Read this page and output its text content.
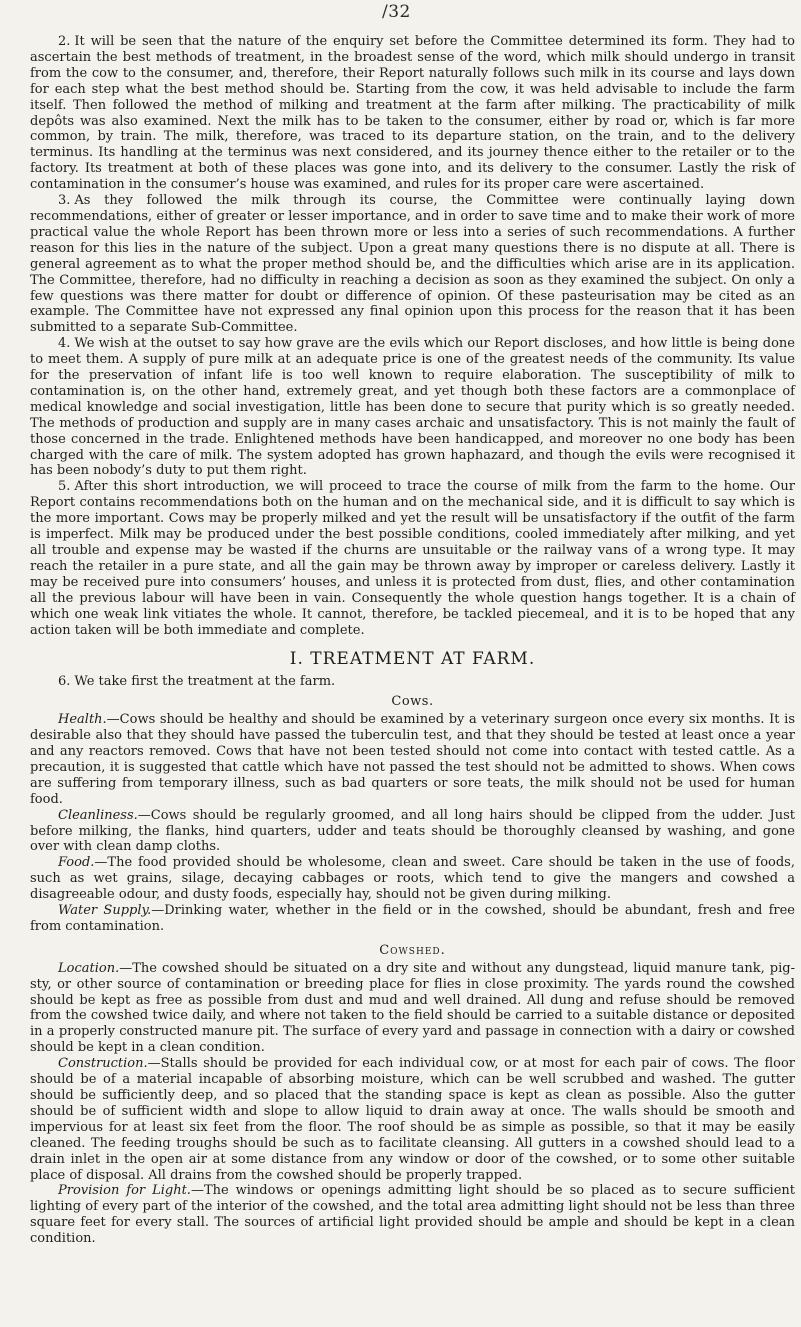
/32

2. It will be seen that the nature of the enquiry set before the Committee determined its form. They had to ascertain the best methods of treatment, in the broadest sense of the word, which milk should undergo in transit from the cow to the consumer, and, therefore, their Report naturally follows such milk in its course and lays down for each step what the best method should be. Starting from the cow, it was held advisable to include the farm itself. Then followed the method of milking and treatment at the farm after milking. The practicability of milk depôts was also examined. Next the milk has to be taken to the consumer, either by road or, which is far more common, by train. The milk, therefore, was traced to its departure station, on the train, and to the delivery terminus. Its handling at the terminus was next considered, and its journey thence either to the retailer or to the factory. Its treatment at both of these places was gone into, and its delivery to the consumer. Lastly the risk of contamination in the consumer’s house was examined, and rules for its proper care were ascertained.

3. As they followed the milk through its course, the Committee were continually laying down recommendations, either of greater or lesser importance, and in order to save time and to make their work of more practical value the whole Report has been thrown more or less into a series of such recommendations. A further reason for this lies in the nature of the subject. Upon a great many questions there is no dispute at all. There is general agreement as to what the proper method should be, and the difficulties which arise are in its application. The Committee, therefore, had no difficulty in reaching a decision as soon as they examined the subject. On only a few questions was there matter for doubt or difference of opinion. Of these pasteurisation may be cited as an example. The Committee have not expressed any final opinion upon this process for the reason that it has been submitted to a separate Sub-Committee.

4. We wish at the outset to say how grave are the evils which our Report discloses, and how little is being done to meet them. A supply of pure milk at an adequate price is one of the greatest needs of the community. Its value for the preservation of infant life is too well known to require elaboration. The susceptibility of milk to contamination is, on the other hand, extremely great, and yet though both these factors are a commonplace of medical knowledge and social investigation, little has been done to secure that purity which is so greatly needed. The methods of production and supply are in many cases archaic and unsatisfactory. This is not mainly the fault of those concerned in the trade. Enlightened methods have been handicapped, and moreover no one body has been charged with the care of milk. The system adopted has grown haphazard, and though the evils were recognised it has been nobody’s duty to put them right.

5. After this short introduction, we will proceed to trace the course of milk from the farm to the home. Our Report contains recommendations both on the human and on the mechanical side, and it is difficult to say which is the more important. Cows may be properly milked and yet the result will be unsatisfactory if the outfit of the farm is imperfect. Milk may be produced under the best possible conditions, cooled immediately after milking, and yet all trouble and expense may be wasted if the churns are unsuitable or the railway vans of a wrong type. It may reach the retailer in a pure state, and all the gain may be thrown away by improper or careless delivery. Lastly it may be received pure into consumers’ houses, and unless it is protected from dust, flies, and other contamination all the previous labour will have been in vain. Consequently the whole question hangs together. It is a chain of which one weak link vitiates the whole. It cannot, therefore, be tackled piecemeal, and it is to be hoped that any action taken will be both immediate and complete.

I. TREATMENT AT FARM.

6. We take first the treatment at the farm.

Cows.

Health.—Cows should be healthy and should be examined by a veterinary surgeon once every six months. It is desirable also that they should have passed the tuberculin test, and that they should be tested at least once a year and any reactors removed. Cows that have not been tested should not come into contact with tested cattle. As a precaution, it is suggested that cattle which have not passed the test should not be admitted to shows. When cows are suffering from temporary illness, such as bad quarters or sore teats, the milk should not be used for human food.

Cleanliness.—Cows should be regularly groomed, and all long hairs should be clipped from the udder. Just before milking, the flanks, hind quarters, udder and teats should be thoroughly cleansed by washing, and gone over with clean damp cloths.

Food.—The food provided should be wholesome, clean and sweet. Care should be taken in the use of foods, such as wet grains, silage, decaying cabbages or roots, which tend to give the mangers and cowshed a disagreeable odour, and dusty foods, especially hay, should not be given during milking.

Water Supply.—Drinking water, whether in the field or in the cowshed, should be abundant, fresh and free from contamination.

Cowshed.

Location.—The cowshed should be situated on a dry site and without any dungstead, liquid manure tank, pig-sty, or other source of contamination or breeding place for flies in close proximity. The yards round the cowshed should be kept as free as possible from dust and mud and well drained. All dung and refuse should be removed from the cowshed twice daily, and where not taken to the field should be carried to a suitable distance or deposited in a properly constructed manure pit. The surface of every yard and passage in connection with a dairy or cowshed should be kept in a clean condition.

Construction.—Stalls should be provided for each individual cow, or at most for each pair of cows. The floor should be of a material incapable of absorbing moisture, which can be well scrubbed and washed. The gutter should be sufficiently deep, and so placed that the standing space is kept as clean as possible. Also the gutter should be of sufficient width and slope to allow liquid to drain away at once. The walls should be smooth and impervious for at least six feet from the floor. The roof should be as simple as possible, so that it may be easily cleaned. The feeding troughs should be such as to facilitate cleansing. All gutters in a cowshed should lead to a drain inlet in the open air at some distance from any window or door of the cowshed, or to some other suitable place of disposal. All drains from the cowshed should be properly trapped.

Provision for Light.—The windows or openings admitting light should be so placed as to secure sufficient lighting of every part of the interior of the cowshed, and the total area admitting light should not be less than three square feet for every stall. The sources of artificial light provided should be ample and should be kept in a clean condition.
